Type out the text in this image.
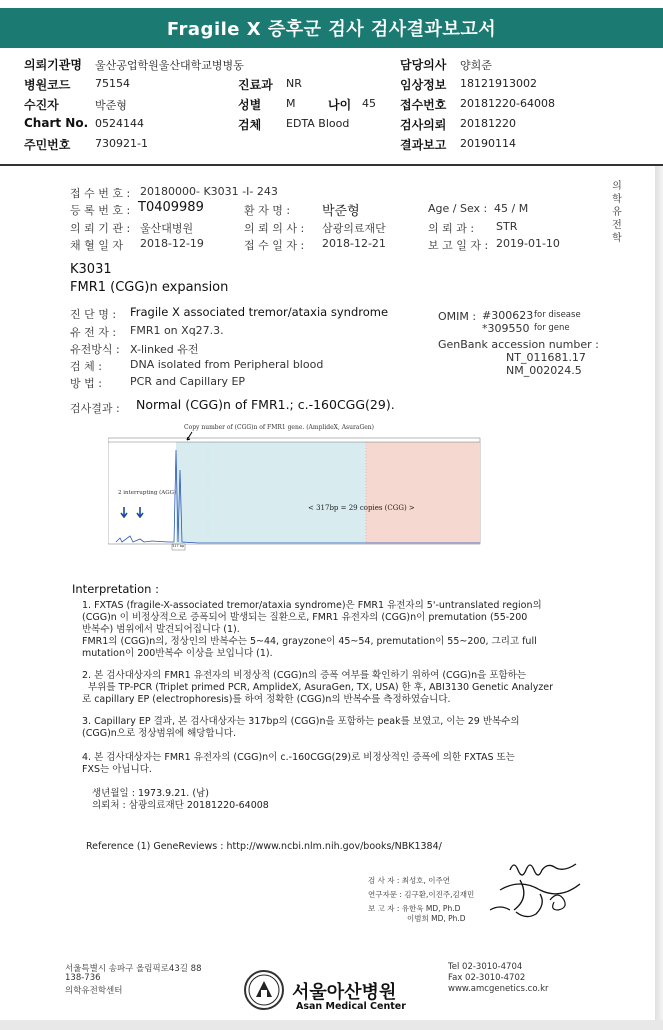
Fragile X 증후군 검사 검사결과보고서
의뢰기관명 울산공업학원울산대학교병병동	담당의사 양희준
병원코드 75154	진료과 NR	임상정보 18121913002
수진자	박준형	성별 M	나이 45 접수번호 20181220-64008
Chart No. 0524144	검체 EDTA Blood	검사의뢰 20181220
주민번호 730921-1	결과보고 20190114
접 수 번 호 : 20180000- K3031 -I- 243
등 록 번 호 : T0409989	환 자 명 : 박준형	Age / Sex : 45 / M
의 뢰 기 관 : 울산대병원	의 뢰 의 사 : 삼광의료재단	의 뢰 과 : STR
채 혈 일 자 2018-12-19	접 수 일 자 : 2018-12-21	보 고 일 자 : 2019-01-10
의학유전학
K3031
FMR1 (CGG)n expansion
진 단 명 : Fragile X associated tremor/ataxia syndrome
유 전 자 : FMR1 on Xq27.3.
유전방식 : X-linked 유전
검 체 :	DNA isolated from Peripheral blood
방 법 :	PCR and Capillary EP
OMIM : #300623 for disease
*309550 for gene
GenBank accession number :
NT_011681.17
NM_002024.5
검사결과 : Normal (CGG)n of FMR1.; c.-160CGG(29).
Copy number of (CGG)n of FMR1 gene. (AmplideX, AsuraGen)
2 interrupting (AGG)
< 317bp = 29 copies (CGG) >
317 bp
Interpretation :
1. FXTAS (fragile-X-associated tremor/ataxia syndrome)은 FMR1 유전자의 5'-untranslated region의
(CGG)n 이 비정상적으로 증폭되어 발생되는 질환으로, FMR1 유전자의 (CGG)n이 premutation (55-200
반복수) 범위에서 발견되어집니다 (1).
FMR1의 (CGG)n의, 정상인의 반복수는 5~44, grayzone이 45~54, premutation이 55~200, 그리고 full
mutation이 200반복수 이상을 보입니다 (1).
2. 본 검사대상자의 FMR1 유전자의 비정상적 (CGG)n의 증폭 여부를 확인하기 위하여 (CGG)n을 포함하는
부위를 TP-PCR (Triplet primed PCR, AmplideX, AsuraGen, TX, USA) 한 후, ABI3130 Genetic Analyzer
로 capillary EP (electrophoresis)를 하여 정확한 (CGG)n의 반복수를 측정하였습니다.
3. Capillary EP 결과, 본 검사대상자는 317bp의 (CGG)n을 포함하는 peak를 보였고, 이는 29 반복수의
(CGG)n으로 정상범위에 해당합니다.
4. 본 검사대상자는 FMR1 유전자의 (CGG)n이 c.-160CGG(29)로 비정상적인 증폭에 의한 FXTAS 또는
FXS는 아닙니다.
생년월일 : 1973.9.21. (남)
의뢰처 : 삼광의료재단 20181220-64008
Reference (1) GeneReviews : http://www.ncbi.nlm.nih.gov/books/NBK1384/
검 사 자 : 최성호, 이주연
연구자문 : 김구환,이진주,김재민
보 고 자 : 유한욱 MD, Ph.D
이범희 MD, Ph.D
서울특별시 송파구 올림픽로43길 88
138-736
의학유전학센터	서울아산병원
Asan Medical Center
Tel 02-3010-4704
Fax 02-3010-4702
www.amcgenetics.co.kr
